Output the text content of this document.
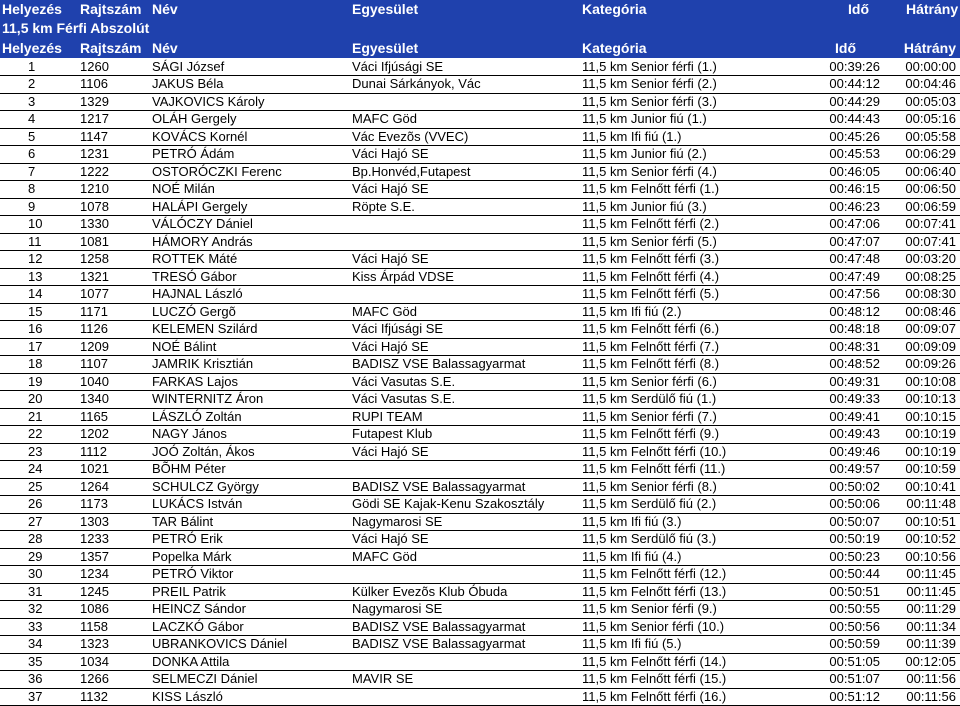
Helyezés Rajtszám Név	Egyesület	Kategória	Idő	Hátrány
11,5 km Férfi Abszolút
Helyezés	Rajtszám	Név	Egyesület	Kategória	Idő	Hátrány
1	1260	SÁGI József	Váci Ifjúsági SE	11,5 km Senior férfi (1.)	00:39:26	00:00:00
2	1106	JAKUS Béla	Dunai Sárkányok, Vác	11,5 km Senior férfi (2.)	00:44:12	00:04:46
3	1329	VAJKOVICS Károly		11,5 km Senior férfi (3.)	00:44:29	00:05:03
4	1217	OLÁH Gergely	MAFC Göd	11,5 km Junior fiú (1.)	00:44:43	00:05:16
5	1147	KOVÁCS Kornél	Vác Evezõs (VVEC)	11,5 km Ifi fiú (1.)	00:45:26	00:05:58
6	1231	PETRÓ Ádám	Váci Hajó SE	11,5 km Junior fiú (2.)	00:45:53	00:06:29
7	1222	OSTORÓCZKI Ferenc	Bp.Honvéd,Futapest	11,5 km Senior férfi (4.)	00:46:05	00:06:40
8	1210	NOÉ Milán	Váci Hajó SE	11,5 km Felnőtt férfi (1.)	00:46:15	00:06:50
9	1078	HALÁPI Gergely	Röpte S.E.	11,5 km Junior fiú (3.)	00:46:23	00:06:59
10	1330	VÁLÓCZY Dániel		11,5 km Felnőtt férfi (2.)	00:47:06	00:07:41
11	1081	HÁMORY András		11,5 km Senior férfi (5.)	00:47:07	00:07:41
12	1258	ROTTEK Máté	Váci Hajó SE	11,5 km Felnőtt férfi (3.)	00:47:48	00:03:20
13	1321	TRESÓ Gábor	Kiss Árpád VDSE	11,5 km Felnőtt férfi (4.)	00:47:49	00:08:25
14	1077	HAJNAL László		11,5 km Felnőtt férfi (5.)	00:47:56	00:08:30
15	1171	LUCZÓ Gergõ	MAFC Göd	11,5 km Ifi fiú (2.)	00:48:12	00:08:46
16	1126	KELEMEN Szilárd	Váci Ifjúsági SE	11,5 km Felnőtt férfi (6.)	00:48:18	00:09:07
17	1209	NOÉ Bálint	Váci Hajó SE	11,5 km Felnőtt férfi (7.)	00:48:31	00:09:09
18	1107	JAMRIK Krisztián	BADISZ VSE Balassagyarmat	11,5 km Felnőtt férfi (8.)	00:48:52	00:09:26
19	1040	FARKAS Lajos	Váci Vasutas S.E.	11,5 km Senior férfi (6.)	00:49:31	00:10:08
20	1340	WINTERNITZ Áron	Váci Vasutas S.E.	11,5 km Serdülő fiú (1.)	00:49:33	00:10:13
21	1165	LÁSZLÓ Zoltán	RUPI TEAM	11,5 km Senior férfi (7.)	00:49:41	00:10:15
22	1202	NAGY János	Futapest Klub	11,5 km Felnőtt férfi (9.)	00:49:43	00:10:19
23	1112	JOÓ Zoltán, Ákos	Váci Hajó SE	11,5 km Felnőtt férfi (10.)	00:49:46	00:10:19
24	1021	BÕHM Péter		11,5 km Felnőtt férfi (11.)	00:49:57	00:10:59
25	1264	SCHULCZ György	BADISZ VSE Balassagyarmat	11,5 km Senior férfi (8.)	00:50:02	00:10:41
26	1173	LUKÁCS István	Gödi SE Kajak-Kenu Szakosztály	11,5 km Serdülő fiú (2.)	00:50:06	00:11:48
27	1303	TAR Bálint	Nagymarosi SE	11,5 km Ifi fiú (3.)	00:50:07	00:10:51
28	1233	PETRÓ Erik	Váci Hajó SE	11,5 km Serdülő fiú (3.)	00:50:19	00:10:52
29	1357	Popelka Márk	MAFC Göd	11,5 km Ifi fiú (4.)	00:50:23	00:10:56
30	1234	PETRÓ Viktor		11,5 km Felnőtt férfi (12.)	00:50:44	00:11:45
31	1245	PREIL Patrik	Külker Evezõs Klub Óbuda	11,5 km Felnőtt férfi (13.)	00:50:51	00:11:45
32	1086	HEINCZ Sándor	Nagymarosi SE	11,5 km Senior férfi (9.)	00:50:55	00:11:29
33	1158	LACZKÓ Gábor	BADISZ VSE Balassagyarmat	11,5 km Senior férfi (10.)	00:50:56	00:11:34
34	1323	UBRANKOVICS Dániel	BADISZ VSE Balassagyarmat	11,5 km Ifi fiú (5.)	00:50:59	00:11:39
35	1034	DONKA Attila		11,5 km Felnőtt férfi (14.)	00:51:05	00:12:05
36	1266	SELMECZI Dániel	MAVIR SE	11,5 km Felnőtt férfi (15.)	00:51:07	00:11:56
37	1132	KISS László		11,5 km Felnőtt férfi (16.)	00:51:12	00:11:56
